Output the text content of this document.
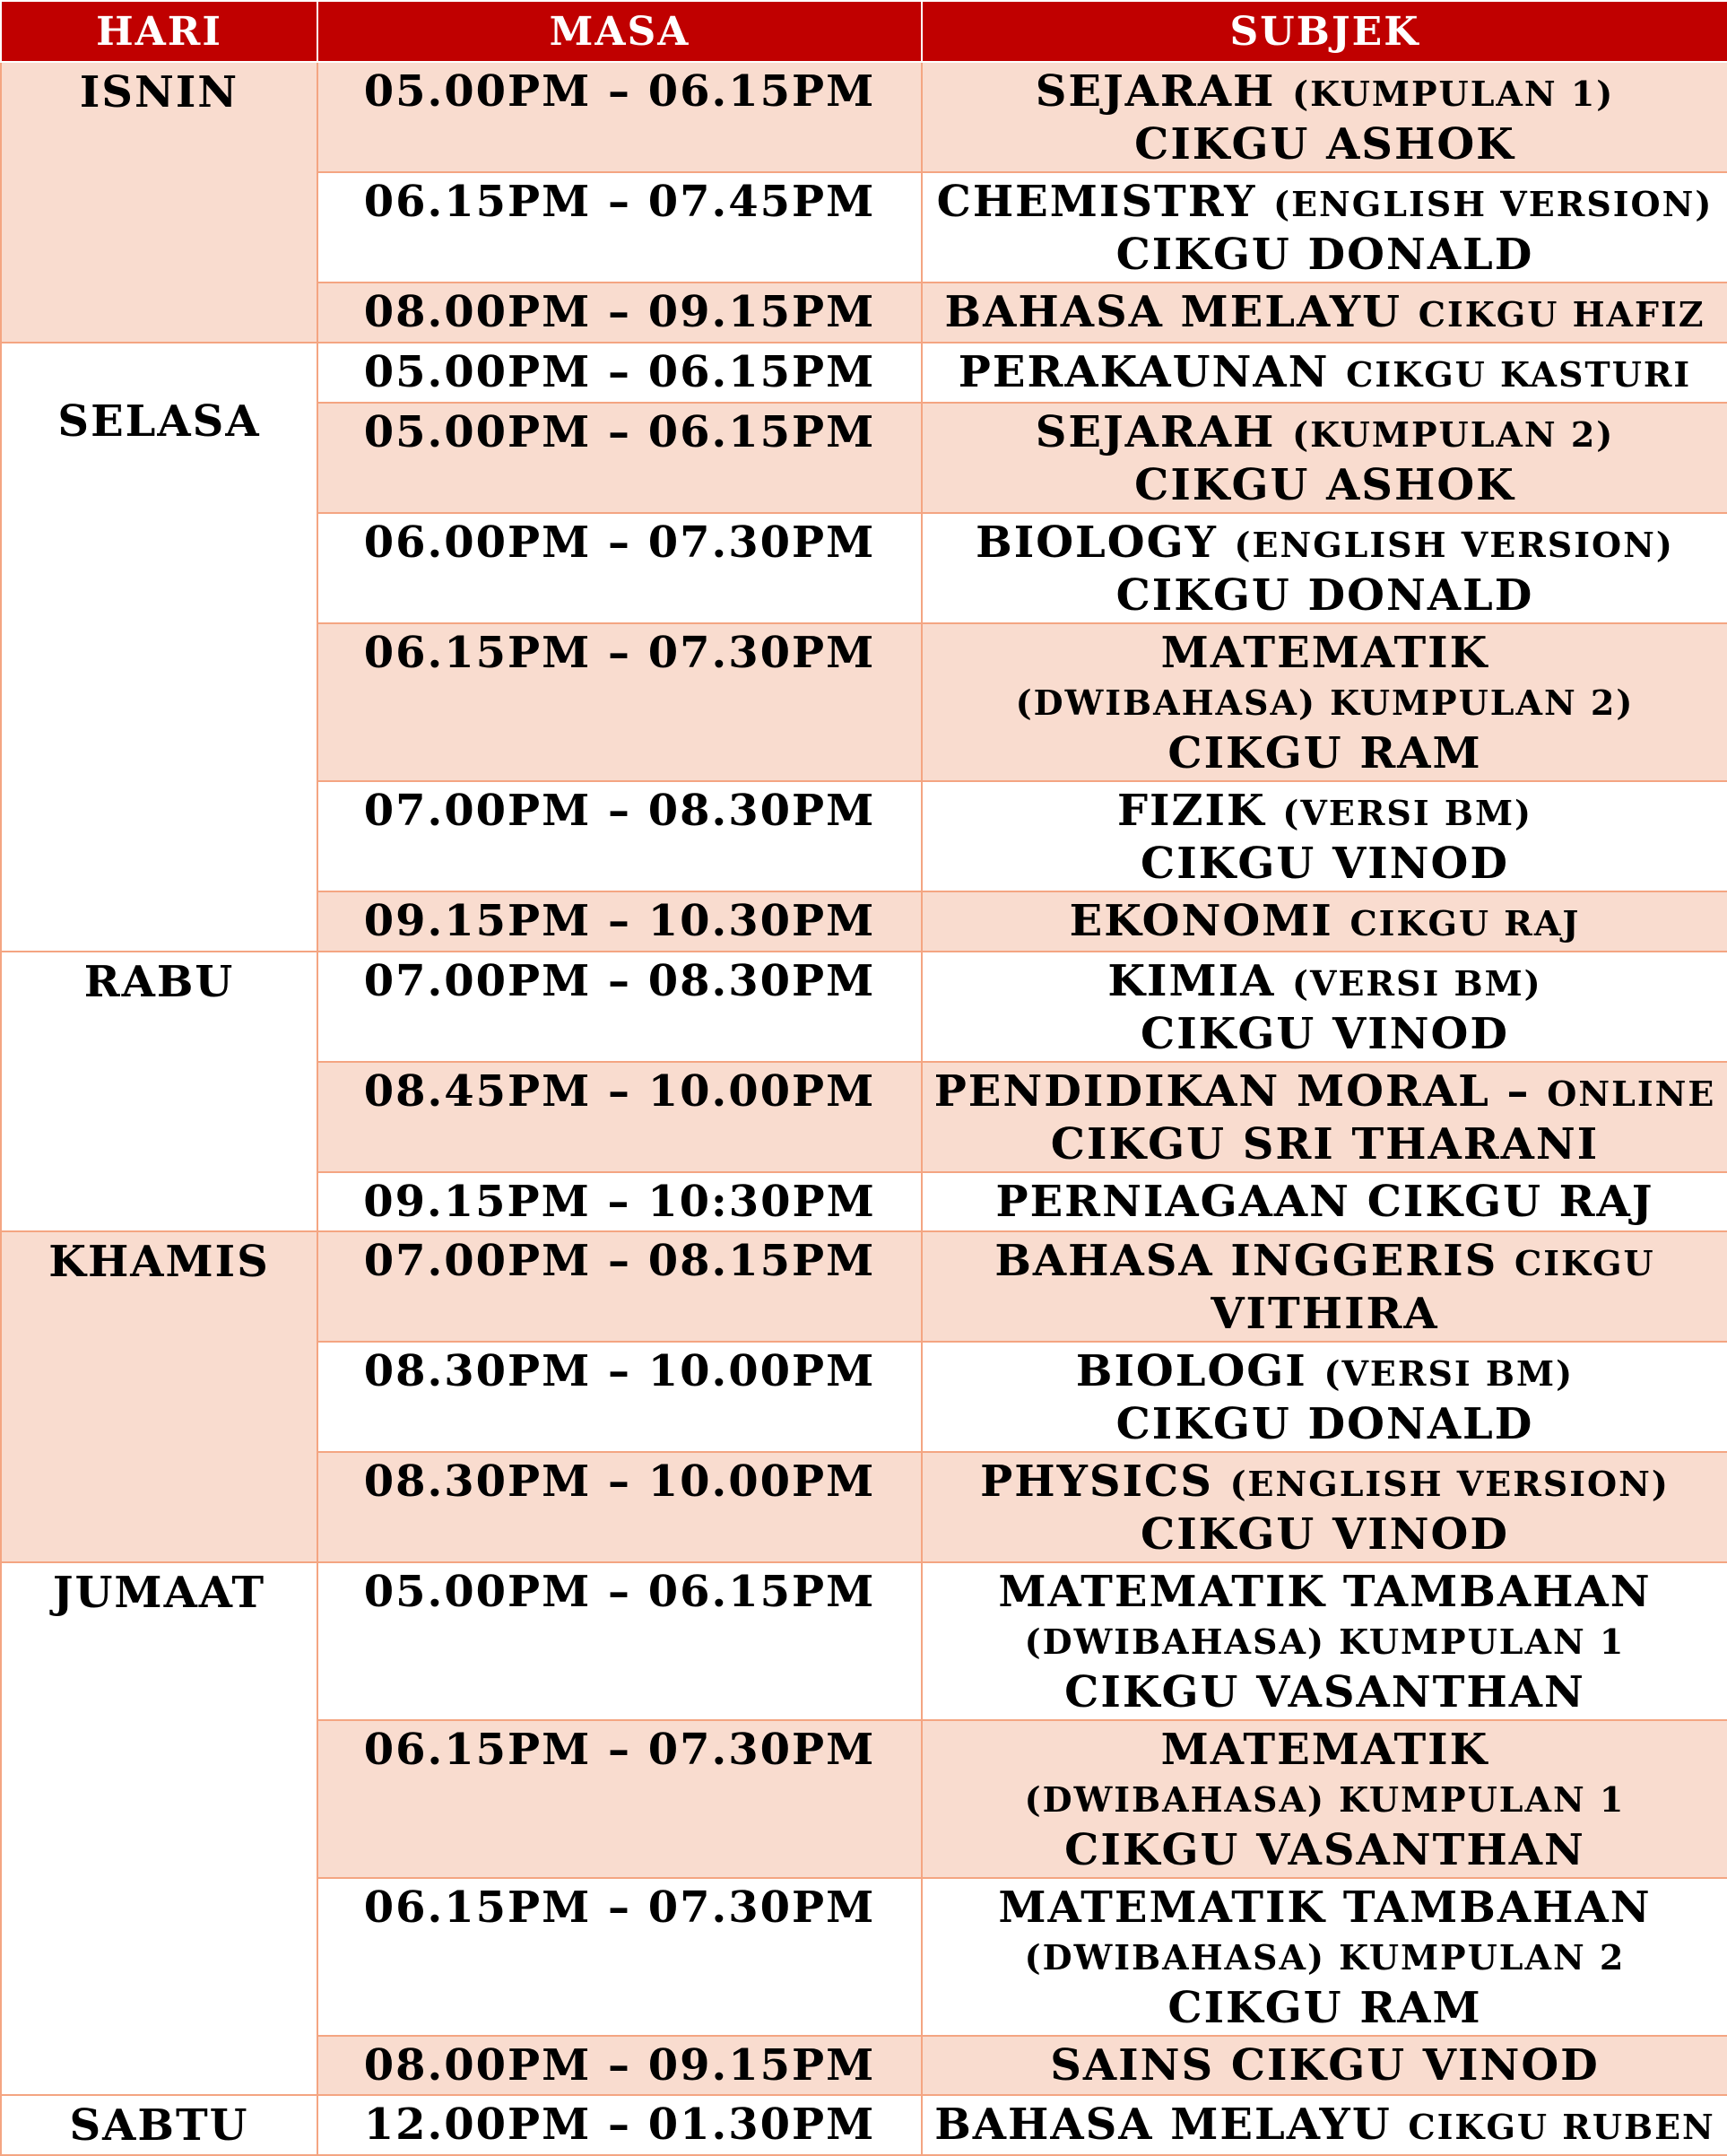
HARI	MASA	SUBJEK
ISNIN	05.00PM – 06.15PM	SEJARAH (KUMPULAN 1)
CIKGU ASHOK

	06.15PM – 07.45PM	CHEMISTRY (ENGLISH VERSION)
CIKGU DONALD

	08.00PM – 09.15PM	BAHASA MELAYU CIKGU HAFIZ
SELASA	05.00PM – 06.15PM	PERAKAUNAN CIKGU KASTURI
	05.00PM – 06.15PM	SEJARAH (KUMPULAN 2)
CIKGU ASHOK

	06.00PM – 07.30PM	BIOLOGY (ENGLISH VERSION)
CIKGU DONALD

	06.15PM – 07.30PM	MATEMATIK
(DWIBAHASA) KUMPULAN 2)
CIKGU RAM

	07.00PM – 08.30PM	FIZIK (VERSI BM)
CIKGU VINOD

	09.15PM – 10.30PM	EKONOMI CIKGU RAJ
RABU	07.00PM – 08.30PM	KIMIA (VERSI BM)
CIKGU VINOD

	08.45PM – 10.00PM	PENDIDIKAN MORAL – ONLINE
CIKGU SRI THARANI

	09.15PM – 10:30PM	PERNIAGAAN CIKGU RAJ
KHAMIS	07.00PM – 08.15PM	BAHASA INGGERIS CIKGU
VITHIRA

	08.30PM – 10.00PM	BIOLOGI (VERSI BM)
CIKGU DONALD

	08.30PM – 10.00PM	PHYSICS (ENGLISH VERSION)
CIKGU VINOD

JUMAAT	05.00PM – 06.15PM	MATEMATIK TAMBAHAN
(DWIBAHASA) KUMPULAN 1
CIKGU VASANTHAN

	06.15PM – 07.30PM	MATEMATIK
(DWIBAHASA) KUMPULAN 1
CIKGU VASANTHAN

	06.15PM – 07.30PM	MATEMATIK TAMBAHAN
(DWIBAHASA) KUMPULAN 2
CIKGU RAM

	08.00PM – 09.15PM	SAINS CIKGU VINOD
SABTU	12.00PM – 01.30PM	BAHASA MELAYU CIKGU RUBEN
